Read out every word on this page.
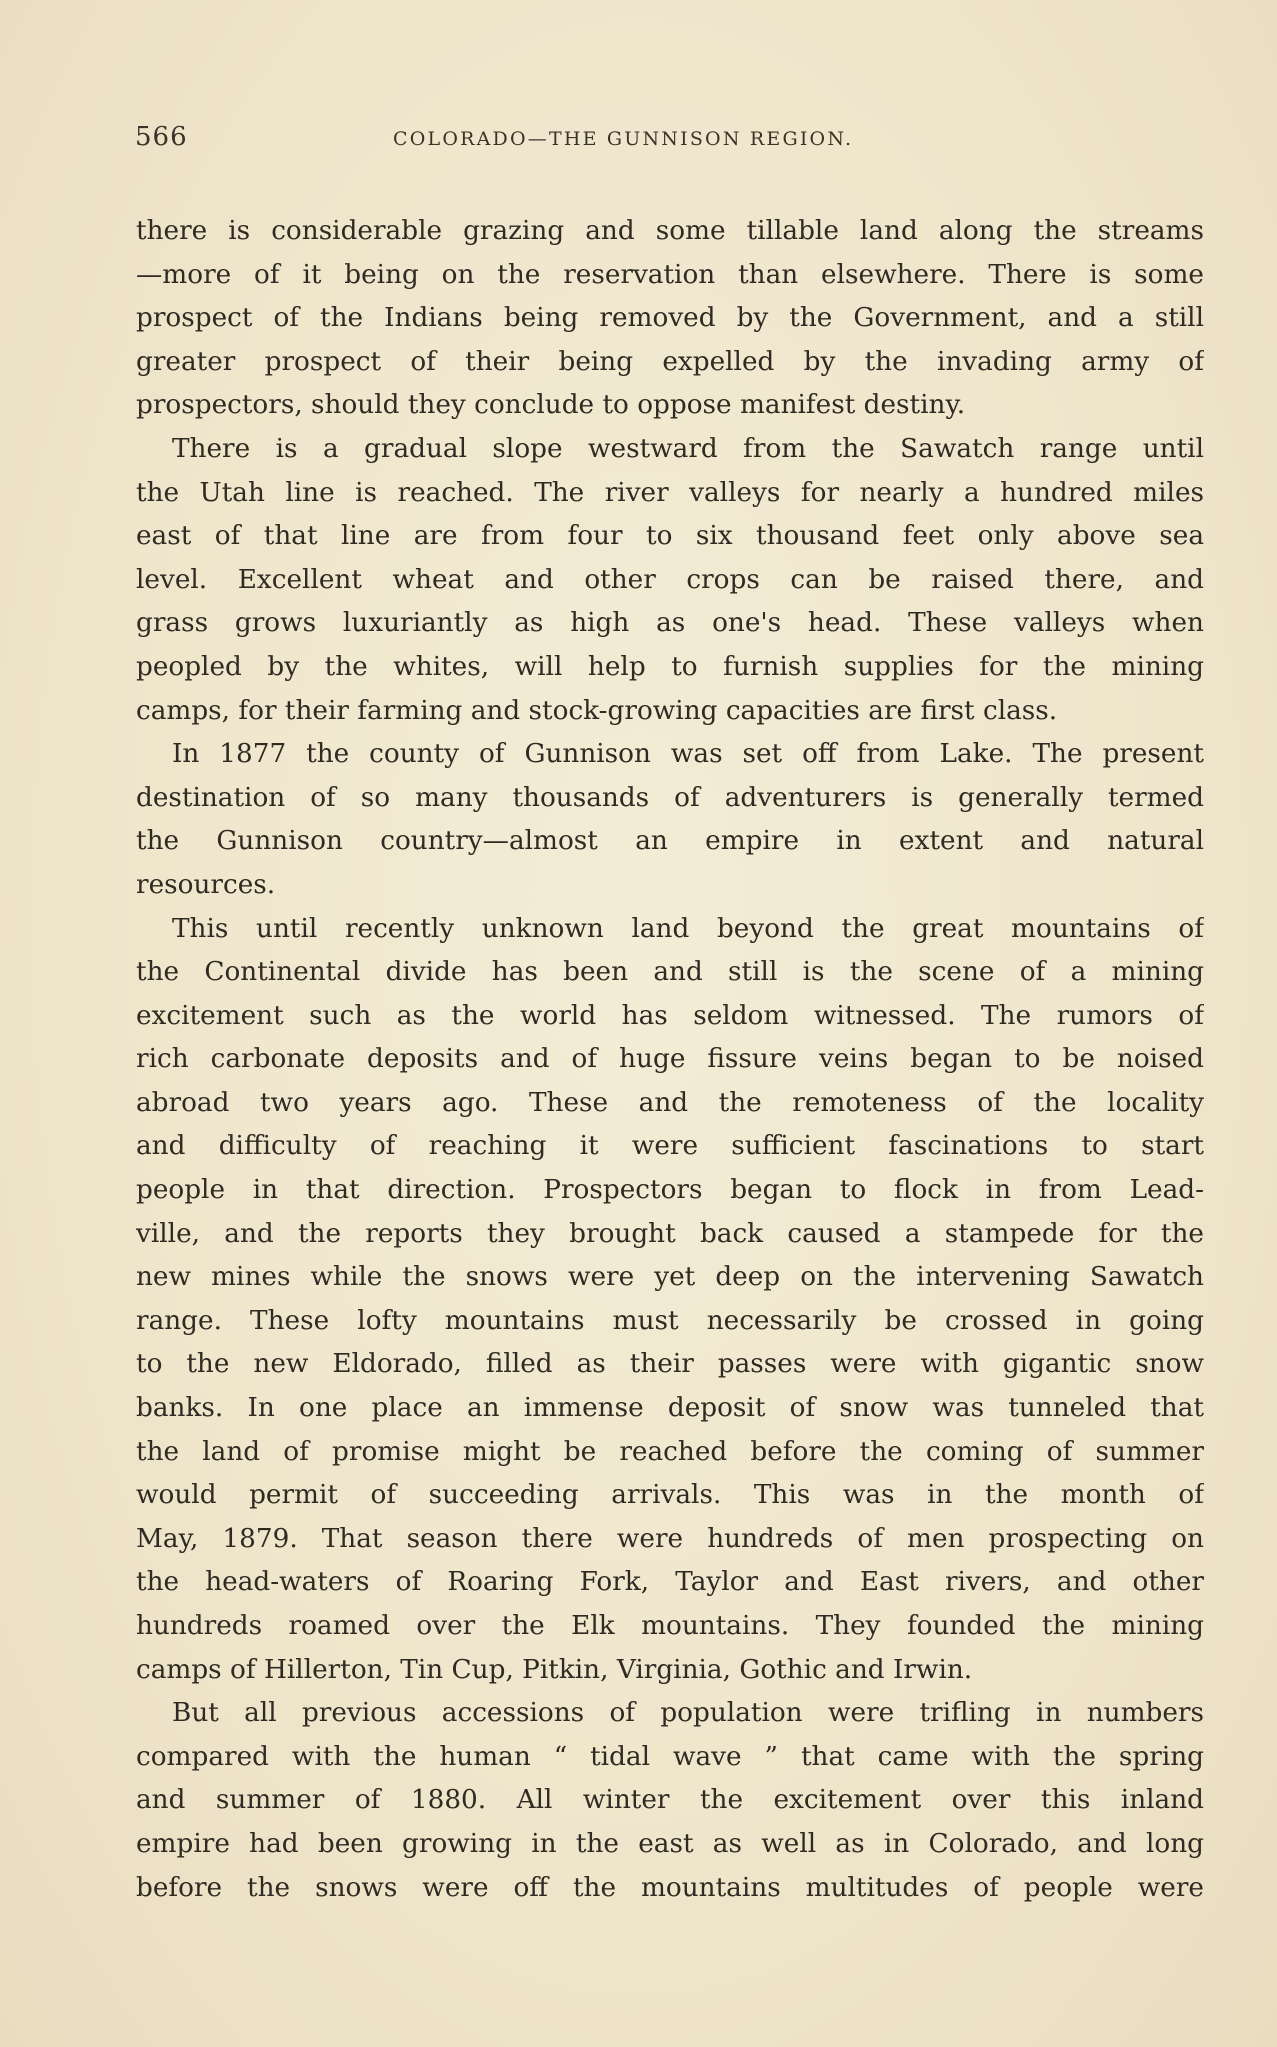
566	COLORADO—THE GUNNISON REGION.
there is considerable grazing and some tillable land along the streams
—more of it being on the reservation than elsewhere. There is some
prospect of the Indians being removed by the Government, and a still
greater prospect of their being expelled by the invading army of
prospectors, should they conclude to oppose manifest destiny.
There is a gradual slope westward from the Sawatch range until
the Utah line is reached. The river valleys for nearly a hundred miles
east of that line are from four to six thousand feet only above sea
level. Excellent wheat and other crops can be raised there, and
grass grows luxuriantly as high as one's head. These valleys when
peopled by the whites, will help to furnish supplies for the mining
camps, for their farming and stock-growing capacities are first class.
In 1877 the county of Gunnison was set off from Lake. The present
destination of so many thousands of adventurers is generally termed
the Gunnison country—almost an empire in extent and natural
resources.
This until recently unknown land beyond the great mountains of
the Continental divide has been and still is the scene of a mining
excitement such as the world has seldom witnessed. The rumors of
rich carbonate deposits and of huge fissure veins began to be noised
abroad two years ago. These and the remoteness of the locality
and difficulty of reaching it were sufficient fascinations to start
people in that direction. Prospectors began to flock in from Lead-
ville, and the reports they brought back caused a stampede for the
new mines while the snows were yet deep on the intervening Sawatch
range. These lofty mountains must necessarily be crossed in going
to the new Eldorado, filled as their passes were with gigantic snow
banks. In one place an immense deposit of snow was tunneled that
the land of promise might be reached before the coming of summer
would permit of succeeding arrivals. This was in the month of
May, 1879. That season there were hundreds of men prospecting on
the head-waters of Roaring Fork, Taylor and East rivers, and other
hundreds roamed over the Elk mountains. They founded the mining
camps of Hillerton, Tin Cup, Pitkin, Virginia, Gothic and Irwin.
But all previous accessions of population were trifling in numbers
compared with the human “ tidal wave ” that came with the spring
and summer of 1880. All winter the excitement over this inland
empire had been growing in the east as well as in Colorado, and long
before the snows were off the mountains multitudes of people were
